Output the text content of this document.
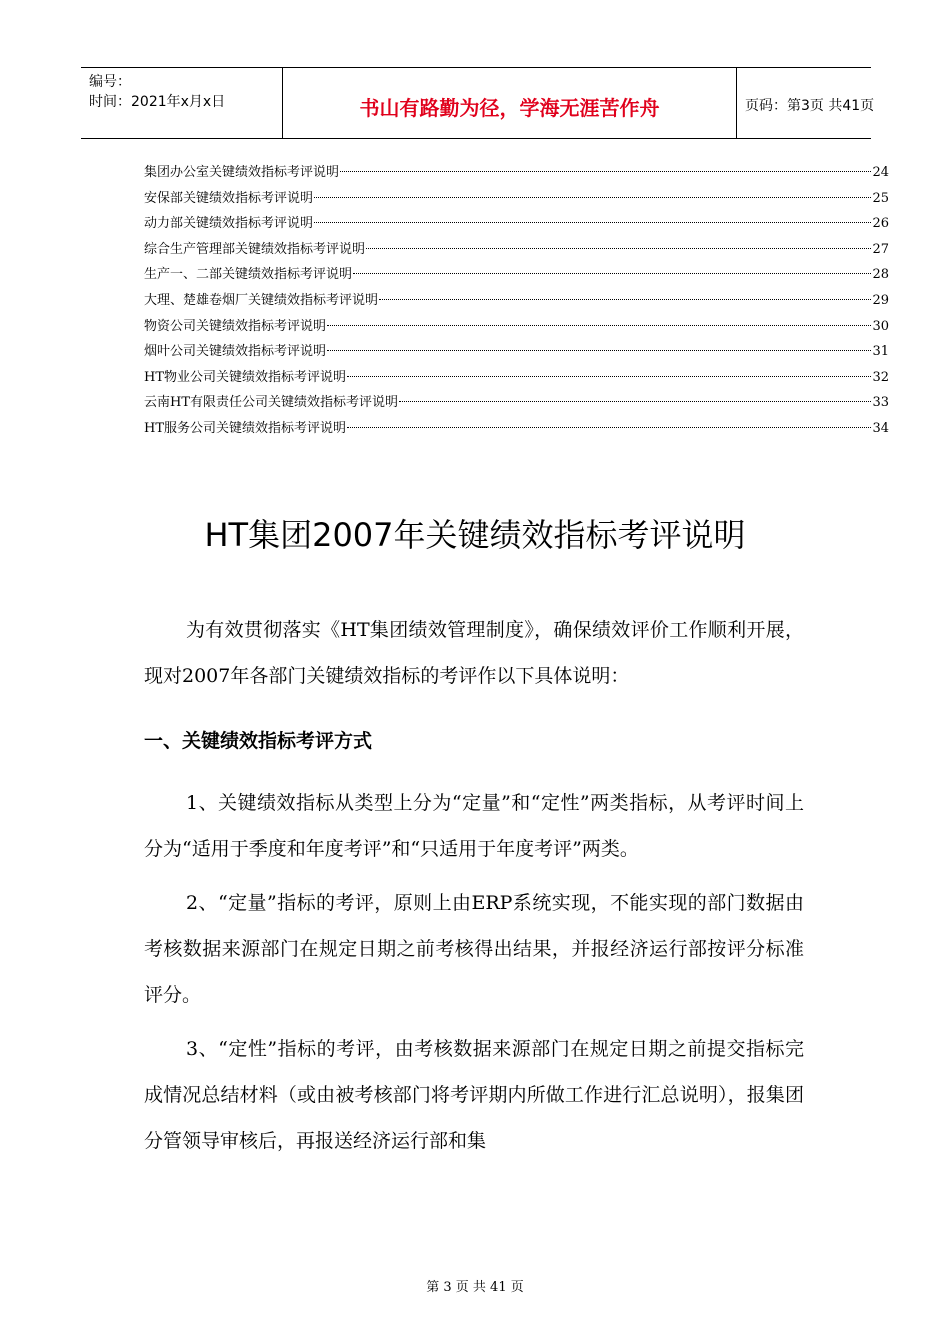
编号：
时间：2021年x月x日	书山有路勤为径，学海无涯苦作舟	页码：第3页 共41页
集团办公室关键绩效指标考评说明	24
安保部关键绩效指标考评说明	25
动力部关键绩效指标考评说明	26
综合生产管理部关键绩效指标考评说明	27
生产一、二部关键绩效指标考评说明	28
大理、楚雄卷烟厂关键绩效指标考评说明	29
物资公司关键绩效指标考评说明	30
烟叶公司关键绩效指标考评说明	31
HT物业公司关键绩效指标考评说明	32
云南HT有限责任公司关键绩效指标考评说明	33
HT服务公司关键绩效指标考评说明	34
HT集团2007年关键绩效指标考评说明

为有效贯彻落实《HT集团绩效管理制度》，确保绩效评价工作顺利开展，现对2007年各部门关键绩效指标的考评作以下具体说明：

一、关键绩效指标考评方式

1、关键绩效指标从类型上分为“定量”和“定性”两类指标，从考评时间上分为“适用于季度和年度考评”和“只适用于年度考评”两类。

2、“定量”指标的考评，原则上由ERP系统实现，不能实现的部门数据由考核数据来源部门在规定日期之前考核得出结果，并报经济运行部按评分标准评分。

3、“定性”指标的考评，由考核数据来源部门在规定日期之前提交指标完成情况总结材料（或由被考核部门将考评期内所做工作进行汇总说明），报集团分管领导审核后，再报送经济运行部和集

第 3 页 共 41 页
